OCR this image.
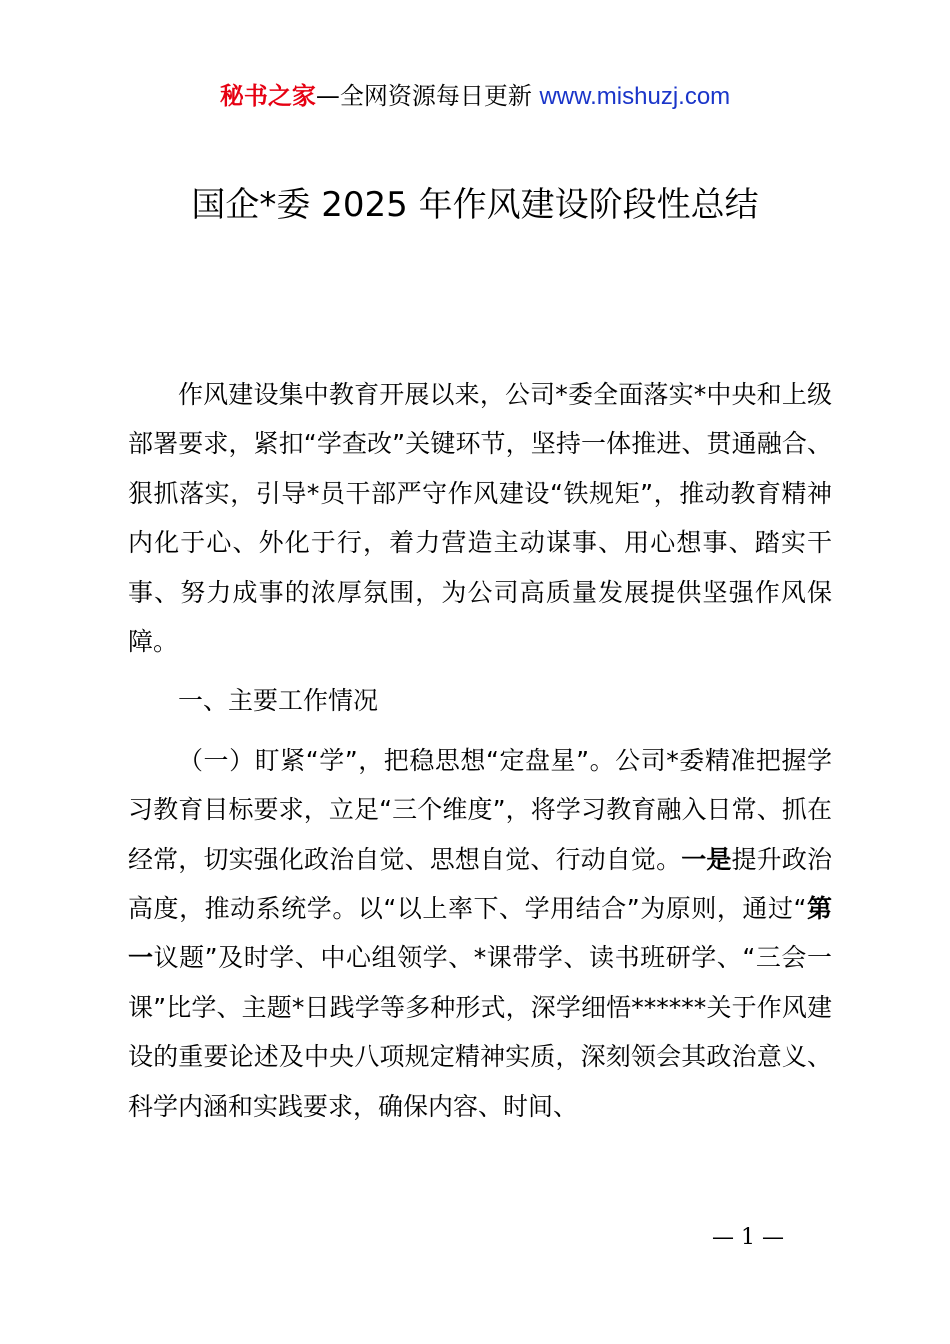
秘书之家—全网资源每日更新 www.mishuzj.com
国企*委 2025 年作风建设阶段性总结

作风建设集中教育开展以来，公司*委全面落实*中央和上级部署要求，紧扣“学查改”关键环节，坚持一体推进、贯通融合、狠抓落实，引导*员干部严守作风建设“铁规矩”，推动教育精神内化于心、外化于行，着力营造主动谋事、用心想事、踏实干事、努力成事的浓厚氛围，为公司高质量发展提供坚强作风保障。

一、主要工作情况

（一）盯紧“学”，把稳思想“定盘星”。公司*委精准把握学习教育目标要求，立足“三个维度”，将学习教育融入日常、抓在经常，切实强化政治自觉、思想自觉、行动自觉。一是提升政治高度，推动系统学。以“以上率下、学用结合”为原则，通过“第一议题”及时学、中心组领学、*课带学、读书班研学、“三会一课”比学、主题*日践学等多种形式，深学细悟******关于作风建设的重要论述及中央八项规定精神实质，深刻领会其政治意义、科学内涵和实践要求，确保内容、时间、

— 1 —
